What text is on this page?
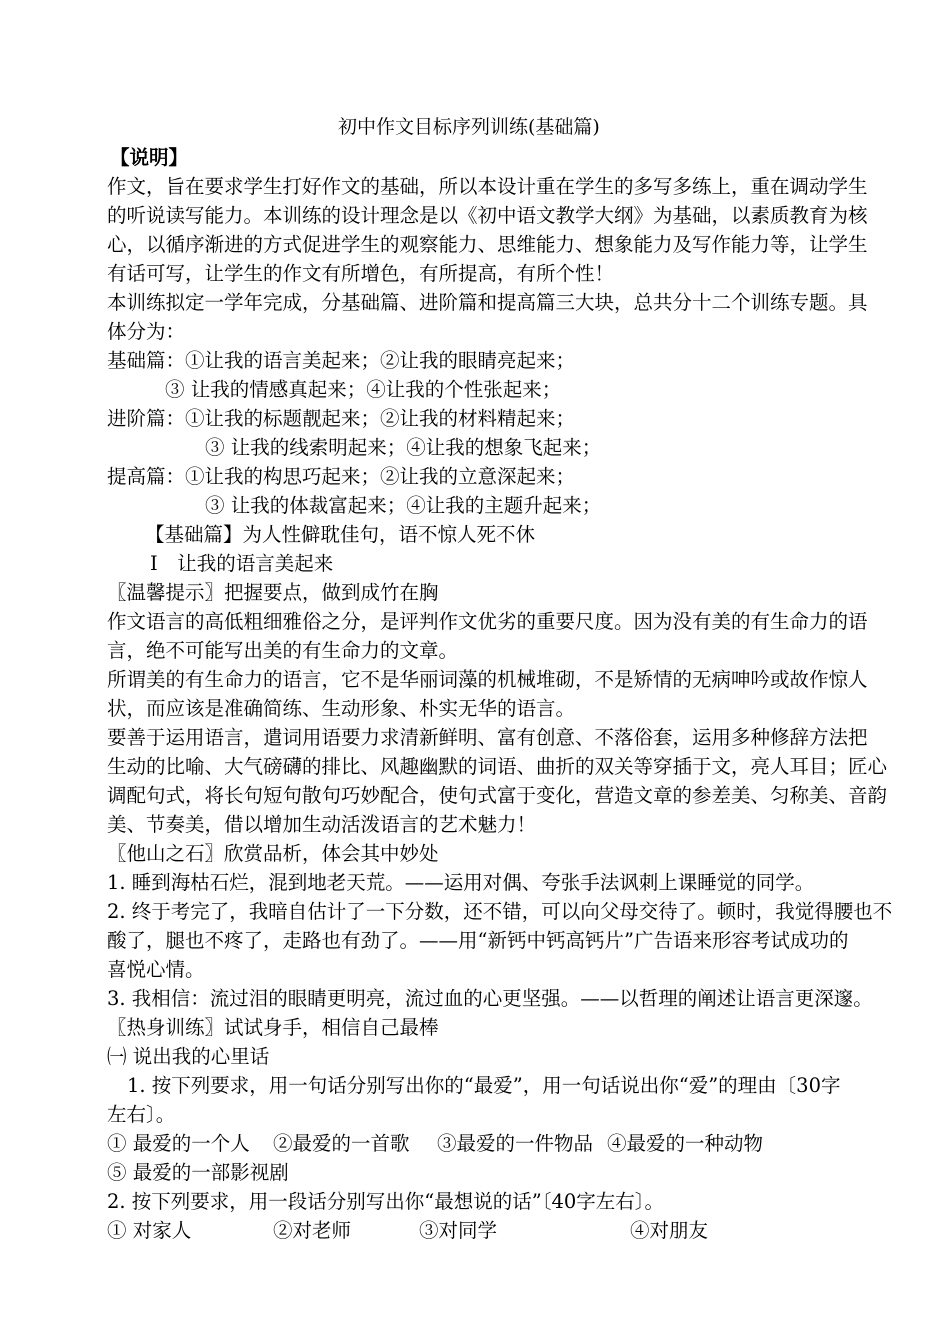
初中作文目标序列训练(基础篇)
【说明】
作文，旨在要求学生打好作文的基础，所以本设计重在学生的多写多练上，重在调动学生
的听说读写能力。本训练的设计理念是以《初中语文教学大纲》为基础，以素质教育为核
心，以循序渐进的方式促进学生的观察能力、思维能力、想象能力及写作能力等，让学生
有话可写，让学生的作文有所增色，有所提高，有所个性！
本训练拟定一学年完成，分基础篇、进阶篇和提高篇三大块，总共分十二个训练专题。具
体分为：
基础篇：①让我的语言美起来；②让我的眼睛亮起来；
③ 让我的情感真起来；④让我的个性张起来；
进阶篇：①让我的标题靓起来；②让我的材料精起来；
③ 让我的线索明起来；④让我的想象飞起来；
提高篇：①让我的构思巧起来；②让我的立意深起来；
③ 让我的体裁富起来；④让我的主题升起来；
【基础篇】为人性僻耽佳句，语不惊人死不休
Ⅰ　让我的语言美起来
〖温馨提示〗把握要点，做到成竹在胸
作文语言的高低粗细雅俗之分，是评判作文优劣的重要尺度。因为没有美的有生命力的语
言，绝不可能写出美的有生命力的文章。
所谓美的有生命力的语言，它不是华丽词藻的机械堆砌，不是矫情的无病呻吟或故作惊人
状，而应该是准确简练、生动形象、朴实无华的语言。
要善于运用语言，遣词用语要力求清新鲜明、富有创意、不落俗套，运用多种修辞方法把
生动的比喻、大气磅礴的排比、风趣幽默的词语、曲折的双关等穿插于文，亮人耳目；匠心
调配句式，将长句短句散句巧妙配合，使句式富于变化，营造文章的参差美、匀称美、音韵
美、节奏美，借以增加生动活泼语言的艺术魅力！
〖他山之石〗欣赏品析，体会其中妙处
1. 睡到海枯石烂，混到地老天荒。——运用对偶、夸张手法讽刺上课睡觉的同学。
2. 终于考完了，我暗自估计了一下分数，还不错，可以向父母交待了。顿时，我觉得腰也不
酸了，腿也不疼了，走路也有劲了。——用“新钙中钙高钙片”广告语来形容考试成功的
喜悦心情。
3. 我相信：流过泪的眼睛更明亮，流过血的心更坚强。——以哲理的阐述让语言更深邃。
〖热身训练〗试试身手，相信自己最棒
㈠ 说出我的心里话
1. 按下列要求，用一句话分别写出你的“最爱”，用一句话说出你“爱”的理由〔30字
左右〕。
① 最爱的一个人 ②最爱的一首歌 ③最爱的一件物品 ④最爱的一种动物
⑤ 最爱的一部影视剧
2. 按下列要求，用一段话分别写出你“最想说的话”〔40字左右〕。
① 对家人	②对老师	③对同学	④对朋友
